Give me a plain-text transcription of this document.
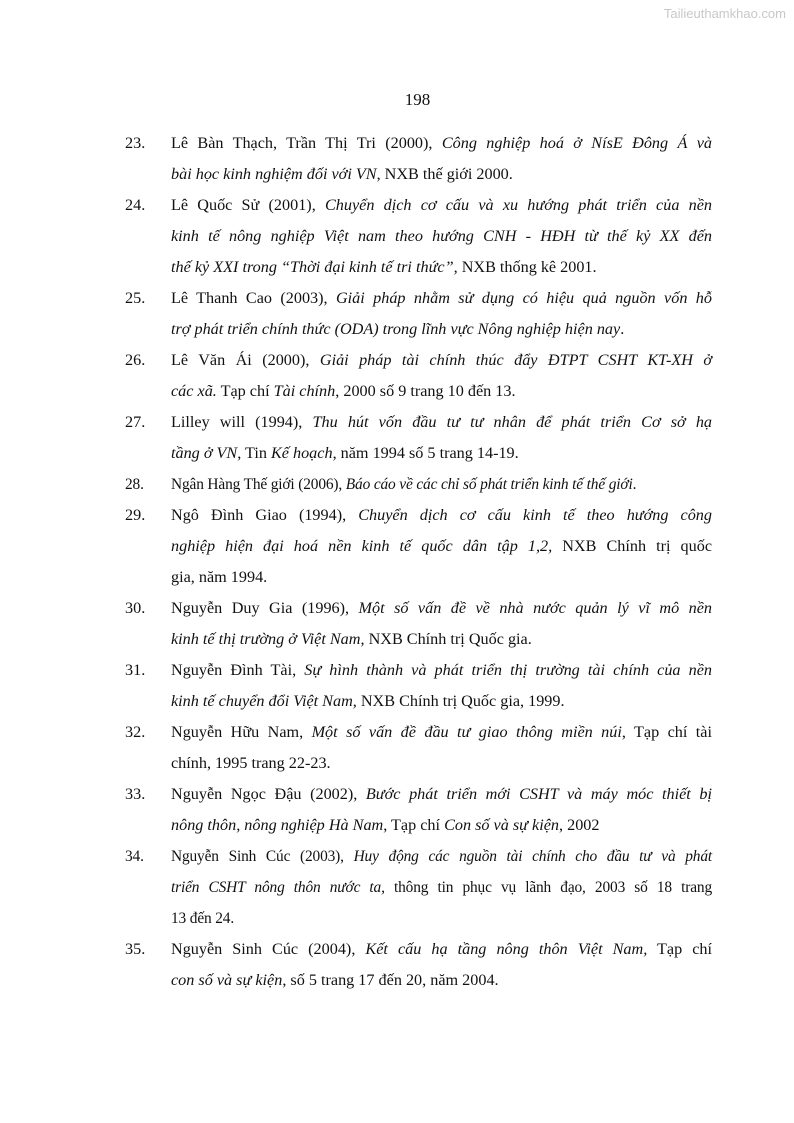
Tailieuthamkhao.com
198
23. Lê Bàn Thạch, Trần Thị Tri (2000), Công nghiệp hoá ở NísE Đông Á và
bài học kinh nghiệm đối với VN, NXB thế giới 2000.
24. Lê Quốc Sử (2001), Chuyển dịch cơ cấu và xu hướng phát triển của nền
kinh tế nông nghiệp Việt nam theo hướng CNH - HĐH từ thế kỷ XX đến
thế kỷ XXI trong “Thời đại kinh tế tri thức”, NXB thống kê 2001.
25. Lê Thanh Cao (2003), Giải pháp nhằm sử dụng có hiệu quả nguồn vốn hỗ
trợ phát triển chính thức (ODA) trong lĩnh vực Nông nghiệp hiện nay.
26. Lê Văn Ái (2000), Giải pháp tài chính thúc đẩy ĐTPT CSHT KT-XH ở
các xã. Tạp chí Tài chính, 2000 số 9 trang 10 đến 13.
27. Lilley will (1994), Thu hút vốn đầu tư tư nhân để phát triển Cơ sở hạ
tầng ở VN, Tin Kế hoạch, năm 1994 số 5 trang 14-19.
28. Ngân Hàng Thế giới (2006), Báo cáo về các chỉ số phát triển kinh tế thế giới.
29. Ngô Đình Giao (1994), Chuyển dịch cơ cấu kinh tế theo hướng công
nghiệp hiện đại hoá nền kinh tế quốc dân tập 1,2, NXB Chính trị quốc
gia, năm 1994.
30. Nguyễn Duy Gia (1996), Một số vấn đề về nhà nước quản lý vĩ mô nền
kinh tế thị trường ở Việt Nam, NXB Chính trị Quốc gia.
31. Nguyễn Đình Tài, Sự hình thành và phát triển thị trường tài chính của nền
kinh tế chuyển đổi Việt Nam, NXB Chính trị Quốc gia, 1999.
32. Nguyễn Hữu Nam, Một số vấn đề đầu tư giao thông miền núi, Tạp chí tài
chính, 1995 trang 22-23.
33. Nguyễn Ngọc Đậu (2002), Bước phát triển mới CSHT và máy móc thiết bị
nông thôn, nông nghiệp Hà Nam, Tạp chí Con số và sự kiện, 2002
34. Nguyễn Sinh Cúc (2003), Huy động các nguồn tài chính cho đầu tư và phát
triển CSHT nông thôn nước ta, thông tin phục vụ lãnh đạo, 2003 số 18 trang
13 đến 24.
35. Nguyễn Sinh Cúc (2004), Kết cấu hạ tầng nông thôn Việt Nam, Tạp chí
con số và sự kiện, số 5 trang 17 đến 20, năm 2004.
